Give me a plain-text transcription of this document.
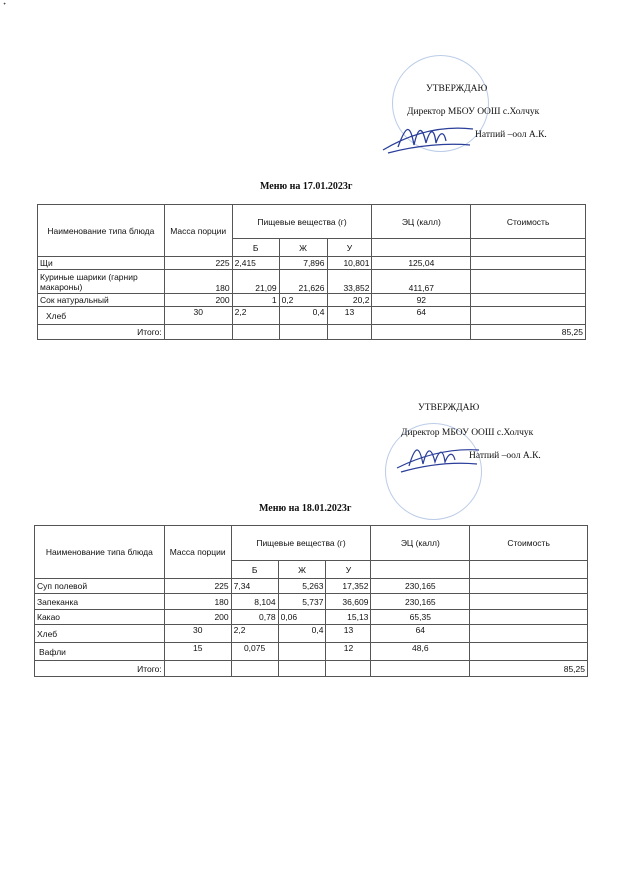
ᐩ
УТВЕРЖДАЮ
Директор МБОУ ООШ с.Холчук
Натпий –оол А.К.
Меню на 17.01.2023г
Наименование типа блюда	Масса порции	Пищевые вещества (г)			ЭЦ (калл)	Стоимость
		Б	Ж	У		
Щи	225	2,415	7,896	10,801	125,04	
Куриные шарики (гарнир макароны)	180	21,09	21,626	33,852	411,67	
Сок натуральный	200	1	0,2	20,2	92	
Хлеб	30	2,2	0,4	13	64	
Итого:						85,25
УТВЕРЖДАЮ
Директор МБОУ ООШ с.Холчук
Натпий –оол А.К.
Меню на 18.01.2023г
Наименование типа блюда	Масса порции	Пищевые вещества (г)			ЭЦ (калл)	Стоимость
		Б	Ж	У		
Суп полевой	225	7,34	5,263	17,352	230,165	
Запеканка	180	8,104	5,737	36,609	230,165	
Какао	200	0,78	0,06	15,13	65,35	
Хлеб	30	2,2	0,4	13	64	
Вафли	15	0,075		12	48,6	
Итого:						85,25
